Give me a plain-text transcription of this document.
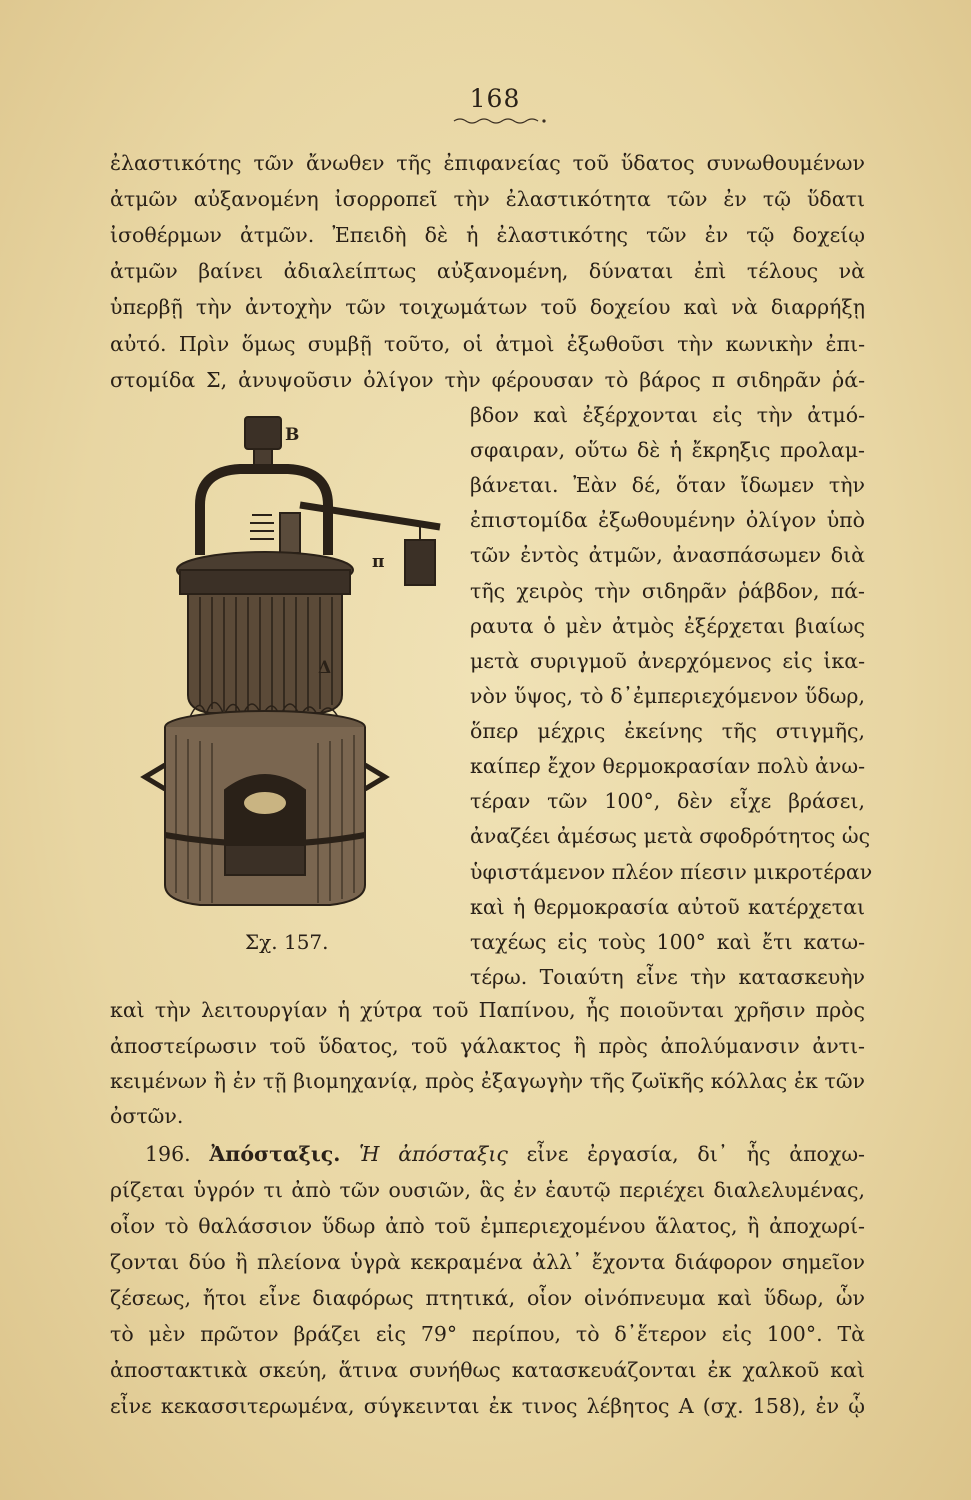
168
ἐλαστικότης τῶν ἄνωθεν τῆς ἐπιφανείας τοῦ ὕδατος συνωθουμένων
ἀτμῶν αὐξανομένη ἰσορροπεῖ τὴν ἐλαστικότητα τῶν ἐν τῷ ὕδατι
ἰσοθέρμων ἀτμῶν. Ἐπειδὴ δὲ ἡ ἐλαστικότης τῶν ἐν τῷ δοχείῳ
ἀτμῶν βαίνει ἀδιαλείπτως αὐξανομένη, δύναται ἐπὶ τέλους νὰ
ὑπερβῇ τὴν ἀντοχὴν τῶν τοιχωμάτων τοῦ δοχείου καὶ νὰ διαρρήξῃ
αὐτό. Πρὶν ὅμως συμβῇ τοῦτο, οἱ ἀτμοὶ ἐξωθοῦσι τὴν κωνικὴν ἐπι-
στομίδα Σ, ἀνυψοῦσιν ὀλίγον τὴν φέρουσαν τὸ βάρος π σιδηρᾶν ῥά-
βδον καὶ ἐξέρχονται εἰς τὴν ἀτμό-
σφαιραν, οὕτω δὲ ἡ ἔκρηξις προλαμ-
βάνεται. Ἐὰν δέ, ὅταν ἴδωμεν τὴν
ἐπιστομίδα ἐξωθουμένην ὀλίγον ὑπὸ
τῶν ἐντὸς ἀτμῶν, ἀνασπάσωμεν διὰ
τῆς χειρὸς τὴν σιδηρᾶν ῥάβδον, πά-
ραυτα ὁ μὲν ἀτμὸς ἐξέρχεται βιαίως
μετὰ συριγμοῦ ἀνερχόμενος εἰς ἱκα-
νὸν ὕψος, τὸ δ᾽ἐμπεριεχόμενον ὕδωρ,
ὅπερ μέχρις ἐκείνης τῆς στιγμῆς,
καίπερ ἔχον θερμοκρασίαν πολὺ ἀνω-
τέραν τῶν 100°, δὲν εἶχε βράσει,
ἀναζέει ἀμέσως μετὰ σφοδρότητος ὡς
ὑφιστάμενον πλέον πίεσιν μικροτέραν
καὶ ἡ θερμοκρασία αὐτοῦ κατέρχεται
ταχέως εἰς τοὺς 100° καὶ ἔτι κατω-
τέρω. Τοιαύτη εἶνε τὴν κατασκευὴν
Β
π
Δ
Σχ. 157.
καὶ τὴν λειτουργίαν ἡ χύτρα τοῦ Παπίνου, ἧς ποιοῦνται χρῆσιν πρὸς
ἀποστείρωσιν τοῦ ὕδατος, τοῦ γάλακτος ἢ πρὸς ἀπολύμανσιν ἀντι-
κειμένων ἢ ἐν τῇ βιομηχανίᾳ, πρὸς ἐξαγωγὴν τῆς ζωϊκῆς κόλλας ἐκ τῶν
ὀστῶν.
196. Ἀπόσταξις. Ἡ ἀπόσταξις εἶνε ἐργασία, δι᾽ ἧς ἀποχω-
ρίζεται ὑγρόν τι ἀπὸ τῶν ουσιῶν, ἃς ἐν ἑαυτῷ περιέχει διαλελυμένας,
οἷον τὸ θαλάσσιον ὕδωρ ἀπὸ τοῦ ἐμπεριεχομένου ἅλατος, ἢ ἀποχωρί-
ζονται δύο ἢ πλείονα ὑγρὰ κεκραμένα ἀλλ᾽ ἔχοντα διάφορον σημεῖον
ζέσεως, ἤτοι εἶνε διαφόρως πτητικά, οἷον οἰνόπνευμα καὶ ὕδωρ, ὧν
τὸ μὲν πρῶτον βράζει εἰς 79° περίπου, τὸ δ᾽ἕτερον εἰς 100°. Τὰ
ἀποστακτικὰ σκεύη, ἅτινα συνήθως κατασκευάζονται ἐκ χαλκοῦ καὶ
εἶνε κεκασσιτερωμένα, σύγκεινται ἐκ τινος λέβητος Α (σχ. 158), ἐν ᾧ
